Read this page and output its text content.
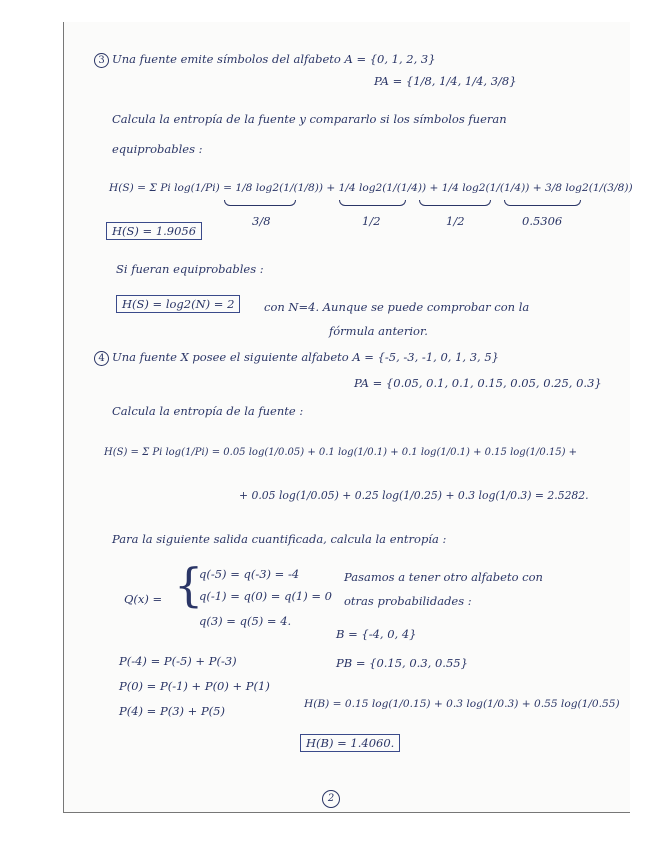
3 Una fuente emite símbolos del alfabeto A = {0, 1, 2, 3}
PA = {1/8, 1/4, 1/4, 3/8}
Calcula la entropía de la fuente y compararlo si los símbolos fueran
equiprobables :
H(S) = Σ Pi log(1/Pi) = 1/8 log2(1/(1/8)) + 1/4 log2(1/(1/4)) + 1/4 log2(1/(1/4)) + 3/8 log2(1/(3/8))
3/8	1/2	1/2	0.5306
H(S) = 1.9056
Si fueran equiprobables :
H(S) = log2(N) = 2	con N=4. Aunque se puede comprobar con la
fórmula anterior.
4 Una fuente X posee el siguiente alfabeto A = {-5, -3, -1, 0, 1, 3, 5}
PA = {0.05, 0.1, 0.1, 0.15, 0.05, 0.25, 0.3}
Calcula la entropía de la fuente :
H(S) = Σ Pi log(1/Pi) = 0.05 log(1/0.05) + 0.1 log(1/0.1) + 0.1 log(1/0.1) + 0.15 log(1/0.15) +
+ 0.05 log(1/0.05) + 0.25 log(1/0.25) + 0.3 log(1/0.3) = 2.5282.
Para la siguiente salida cuantificada, calcula la entropía :
Q(x) = {
q(-5) = q(-3) = -4
q(-1) = q(0) = q(1) = 0
q(3) = q(5) = 4.
Pasamos a tener otro alfabeto con
otras probabilidades :
B = {-4, 0, 4}
PB = {0.15, 0.3, 0.55}
P(-4) = P(-5) + P(-3)
P(0) = P(-1) + P(0) + P(1)
P(4) = P(3) + P(5)	H(B) = 0.15 log(1/0.15) + 0.3 log(1/0.3) + 0.55 log(1/0.55)
H(B) = 1.4060.
2
